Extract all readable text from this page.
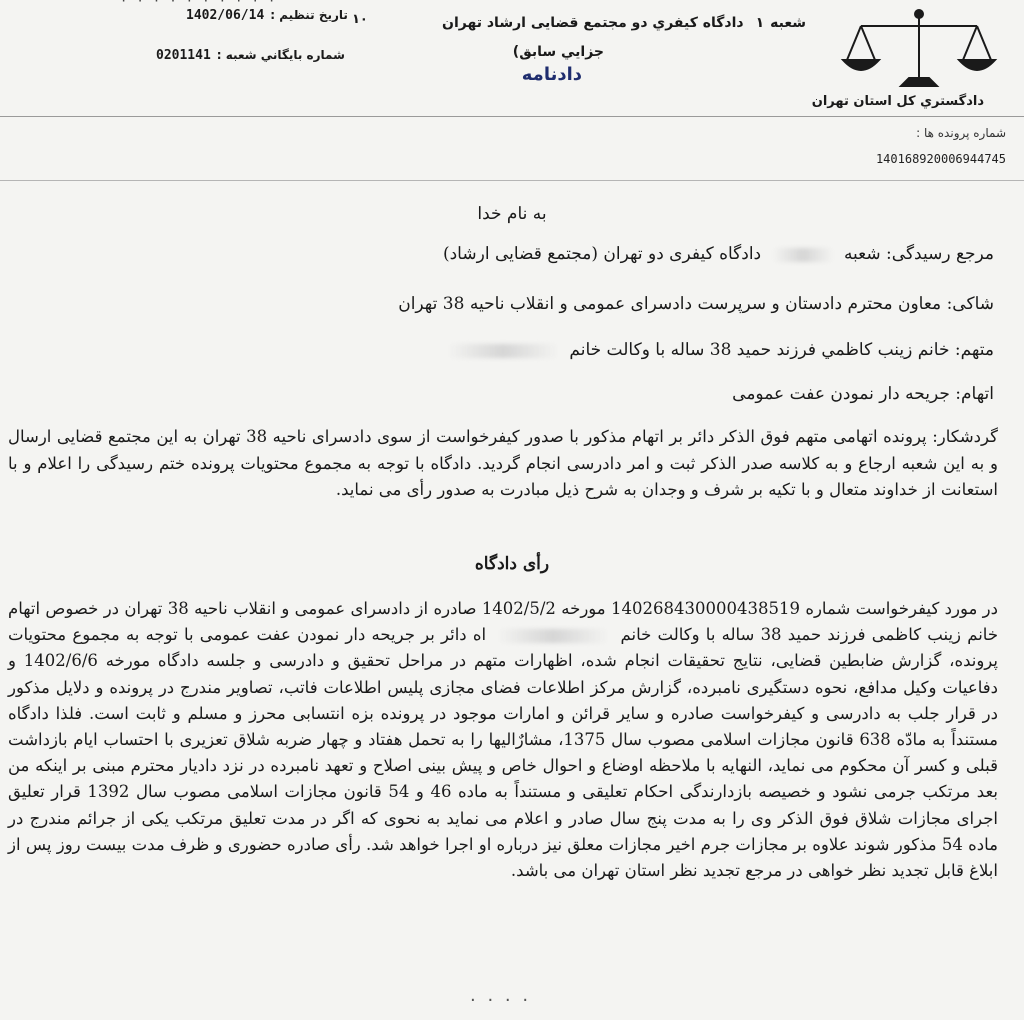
· · · · · · · · · ·
دادگستري كل استان تهران
شعبه١دادگاه کیفري دو مجتمع قضایی ارشاد تهران
جزايي سابق)
دادنامه
١٠
تاریخ تنظیم :1402/06/14
شماره بايگاني شعبه :0201141
شماره پرونده ها :
140168920006944745
به نام خدا
مرجع رسیدگی: شعبه  دادگاه کیفری دو تهران (مجتمع قضایی ارشاد)
شاکی: معاون محترم دادستان و سرپرست دادسرای عمومی و انقلاب ناحیه 38 تهران
متهم: خانم زینب کاظمي فرزند حمید 38 ساله با وکالت خانم
اتهام: جریحه دار نمودن عفت عمومی
گردشکار: پرونده اتهامی متهم فوق الذکر دائر بر اتهام مذکور با صدور کیفرخواست از سوی دادسرای ناحیه 38 تهران به این مجتمع قضایی ارسال و به این شعبه ارجاع و به کلاسه صدر الذکر ثبت و امر دادرسی انجام گردید. دادگاه با توجه به مجموع محتویات پرونده ختم رسیدگی را اعلام و با استعانت از خداوند متعال و با تکیه بر شرف و وجدان به شرح ذیل مبادرت به صدور رأی می نماید.
رأی دادگاه
در مورد کیفرخواست شماره 140268430000438519 مورخه 1402/5/2 صادره از دادسرای عمومی و انقلاب ناحیه 38 تهران در خصوص اتهام خانم زینب کاظمی فرزند حمید 38 ساله با وکالت خانم  اه دائر بر جریحه دار نمودن عفت عمومی با توجه به مجموع محتویات پرونده، گزارش ضابطین قضایی، نتایج تحقیقات انجام شده، اظهارات متهم در مراحل تحقیق و دادرسی و جلسه دادگاه مورخه 1402/6/6 و دفاعیات وکیل مدافع، نحوه دستگیری نامبرده، گزارش مرکز اطلاعات فضای مجازی پلیس اطلاعات فاتب، تصاویر مندرج در پرونده و دلایل مذکور در قرار جلب به دادرسی و کیفرخواست صادره و سایر قرائن و امارات موجود در پرونده بزه انتسابی محرز و مسلم و ثابت است. فلذا دادگاه مستنداً به مادّه 638 قانون مجازات اسلامی مصوب سال 1375، مشارٌالیها را به تحمل هفتاد و چهار ضربه شلاق تعزیری با احتساب ایام بازداشت قبلی و کسر آن محکوم می نماید، النهایه با ملاحظه اوضاع و احوال خاص و پیش بینی اصلاح و تعهد نامبرده در نزد دادیار محترم مبنی بر اینکه من بعد مرتکب جرمی نشود و خصیصه بازدارندگی احکام تعلیقی و مستنداً به ماده 46 و 54 قانون مجازات اسلامی مصوب سال 1392 قرار تعلیق اجرای مجازات شلاق فوق الذکر وی را به مدت پنج سال صادر و اعلام می نماید به نحوی که اگر در مدت تعلیق مرتکب یکی از جرائم مندرج در ماده 54 مذکور شوند علاوه بر مجازات جرم اخیر مجازات معلق نیز درباره او اجرا خواهد شد. رأی صادره حضوری و ظرف مدت بیست روز پس از ابلاغ قابل تجدید نظر خواهی در مرجع تجدید نظر استان تهران می باشد.
· · · ·
